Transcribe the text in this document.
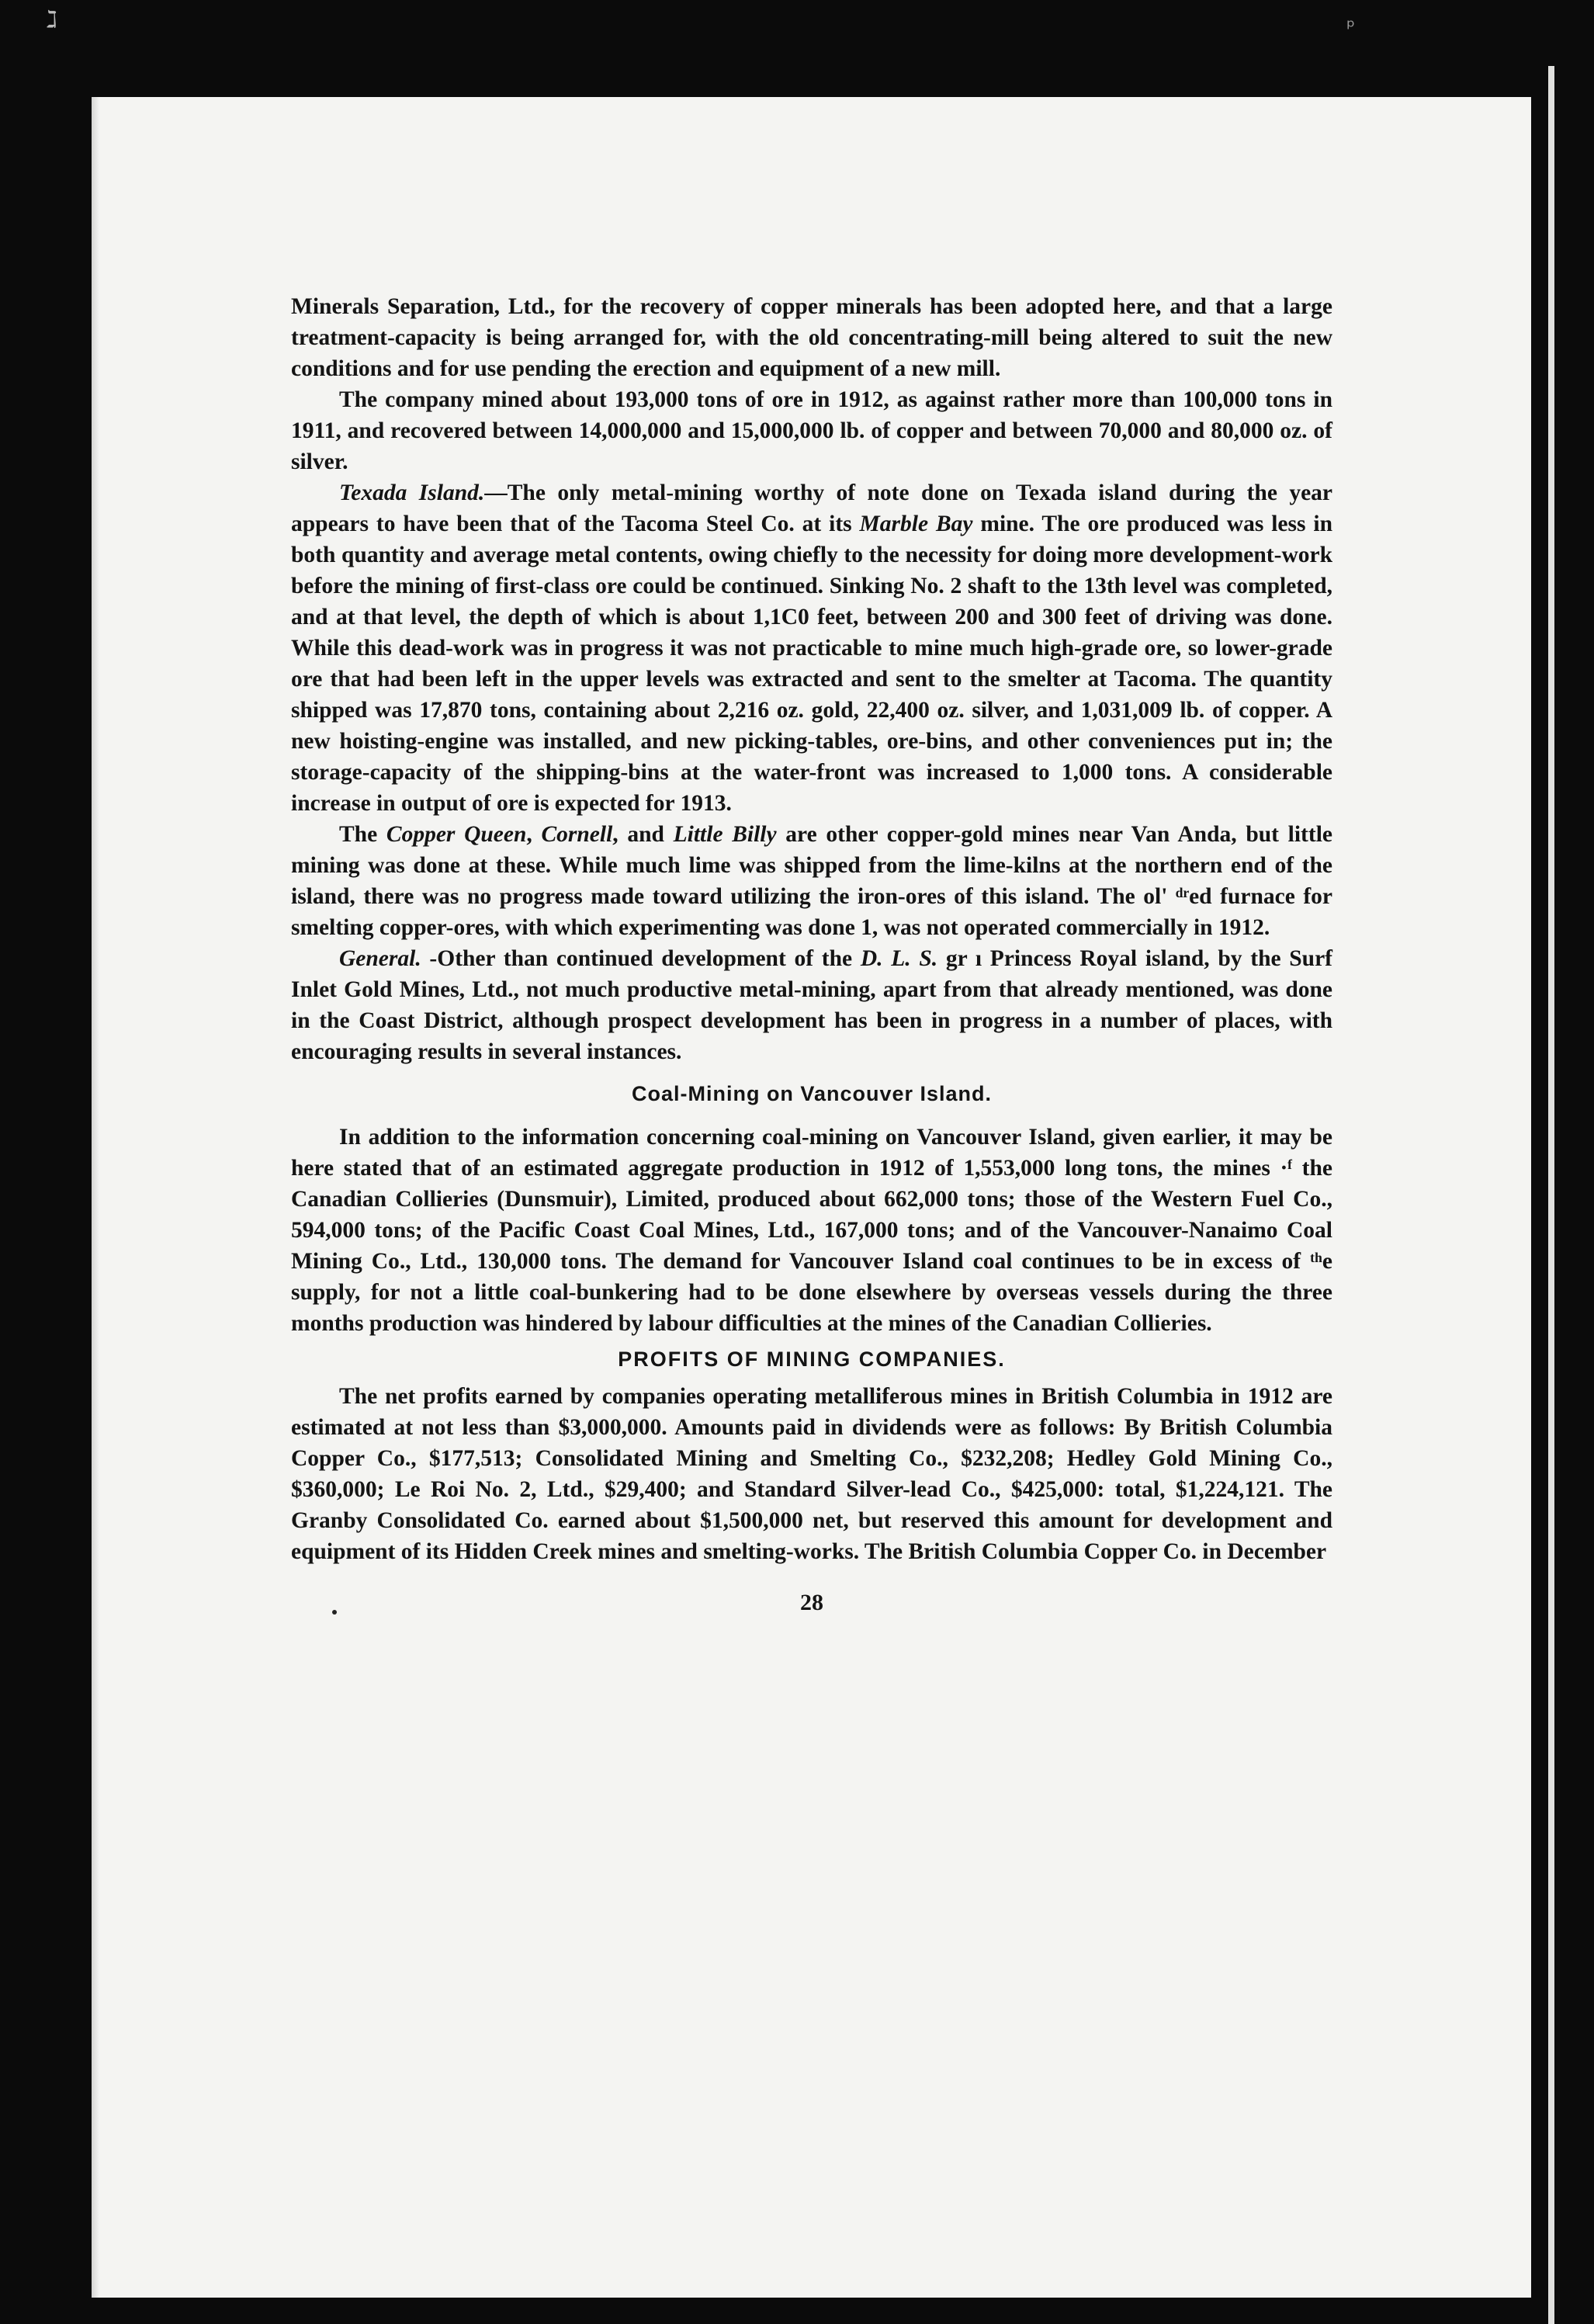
ℷ	ᵖ

Minerals Separation, Ltd., for the recovery of copper minerals has been adopted here, and that a large treatment-capacity is being arranged for, with the old concentrating-mill being altered to suit the new conditions and for use pending the erection and equipment of a new mill.

The company mined about 193,000 tons of ore in 1912, as against rather more than 100,000 tons in 1911, and recovered between 14,000,000 and 15,000,000 lb. of copper and between 70,000 and 80,000 oz. of silver.

Texada Island.—The only metal-mining worthy of note done on Texada island during the year appears to have been that of the Tacoma Steel Co. at its Marble Bay mine. The ore produced was less in both quantity and average metal contents, owing chiefly to the necessity for doing more development-work before the mining of first-class ore could be continued. Sinking No. 2 shaft to the 13th level was completed, and at that level, the depth of which is about 1,1C0 feet, between 200 and 300 feet of driving was done. While this dead-work was in progress it was not practicable to mine much high-grade ore, so lower-grade ore that had been left in the upper levels was extracted and sent to the smelter at Tacoma. The quantity shipped was 17,870 tons, containing about 2,216 oz. gold, 22,400 oz. silver, and 1,031,009 lb. of copper. A new hoisting-engine was installed, and new picking-tables, ore-bins, and other conveniences put in; the storage-capacity of the shipping-bins at the water-front was increased to 1,000 tons. A considerable increase in output of ore is expected for 1913.

The Copper Queen, Cornell, and Little Billy are other copper-gold mines near Van Anda, but little mining was done at these. While much lime was shipped from the lime-kilns at the northern end of the island, there was no progress made toward utilizing the iron-ores of this island. The ol' ᵈʳed furnace for smelting copper-ores, with which experimenting was done 1, was not operated commercially in 1912.

General. -Other than continued development of the D. L. S. gr ı Princess Royal island, by the Surf Inlet Gold Mines, Ltd., not much productive metal-mining, apart from that already mentioned, was done in the Coast District, although prospect development has been in progress in a number of places, with encouraging results in several instances.

Coal-Mining on Vancouver Island.

In addition to the information concerning coal-mining on Vancouver Island, given earlier, it may be here stated that of an estimated aggregate production in 1912 of 1,553,000 long tons, the mines ·ᶠ the Canadian Collieries (Dunsmuir), Limited, produced about 662,000 tons; those of the Western Fuel Co., 594,000 tons; of the Pacific Coast Coal Mines, Ltd., 167,000 tons; and of the Vancouver-Nanaimo Coal Mining Co., Ltd., 130,000 tons. The demand for Vancouver Island coal continues to be in excess of ᵗʰe supply, for not a little coal-bunkering had to be done elsewhere by overseas vessels during the three months production was hindered by labour difficulties at the mines of the Canadian Collieries.

PROFITS OF MINING COMPANIES.

The net profits earned by companies operating metalliferous mines in British Columbia in 1912 are estimated at not less than $3,000,000. Amounts paid in dividends were as follows: By British Columbia Copper Co., $177,513; Consolidated Mining and Smelting Co., $232,208; Hedley Gold Mining Co., $360,000; Le Roi No. 2, Ltd., $29,400; and Standard Silver-lead Co., $425,000: total, $1,224,121. The Granby Consolidated Co. earned about $1,500,000 net, but reserved this amount for development and equipment of its Hidden Creek mines and smelting-works. The British Columbia Copper Co. in December

28
